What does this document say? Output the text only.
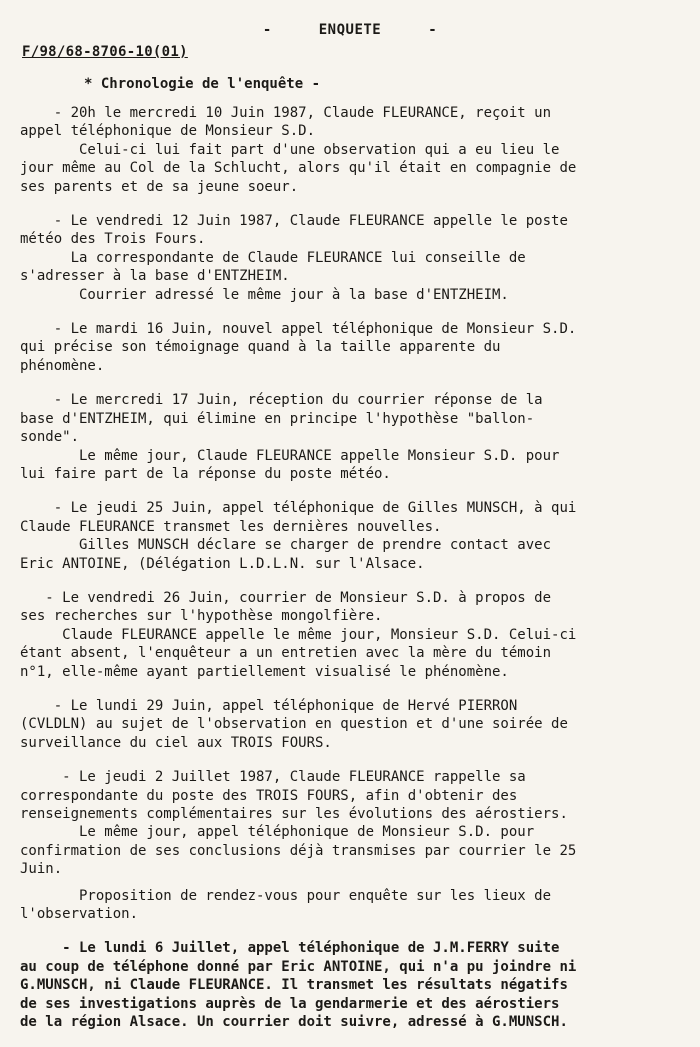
-	ENQUETE	-
F/98/68-8706-10(01)
* Chronologie de l'enquête -

- 20h le mercredi 10 Juin 1987, Claude FLEURANCE, reçoit un

appel téléphonique de Monsieur S.D.

Celui-ci lui fait part d'une observation qui a eu lieu le

jour même au Col de la Schlucht, alors qu'il était en compagnie de

ses parents et de sa jeune soeur.

- Le vendredi 12 Juin 1987, Claude FLEURANCE appelle le poste

météo des Trois Fours.

La correspondante de Claude FLEURANCE lui conseille de

s'adresser à la base d'ENTZHEIM.

Courrier adressé le même jour à la base d'ENTZHEIM.

- Le mardi 16 Juin, nouvel appel téléphonique de Monsieur S.D.

qui précise son témoignage quand à la taille apparente du

phénomène.

- Le mercredi 17 Juin, réception du courrier réponse de la

base d'ENTZHEIM, qui élimine en principe l'hypothèse "ballon-

sonde".

Le même jour, Claude FLEURANCE appelle Monsieur S.D. pour

lui faire part de la réponse du poste météo.

- Le jeudi 25 Juin, appel téléphonique de Gilles MUNSCH, à qui

Claude FLEURANCE transmet les dernières nouvelles.

Gilles MUNSCH déclare se charger de prendre contact avec

Eric ANTOINE, (Délégation L.D.L.N. sur l'Alsace.

- Le vendredi 26 Juin, courrier de Monsieur S.D. à propos de

ses recherches sur l'hypothèse mongolfière.

Claude FLEURANCE appelle le même jour, Monsieur S.D. Celui-ci

étant absent, l'enquêteur a un entretien avec la mère du témoin

n°1, elle-même ayant partiellement visualisé le phénomène.

- Le lundi 29 Juin, appel téléphonique de Hervé PIERRON

(CVLDLN) au sujet de l'observation en question et d'une soirée de

surveillance du ciel aux TROIS FOURS.

- Le jeudi 2 Juillet 1987, Claude FLEURANCE rappelle sa

correspondante du poste des TROIS FOURS, afin d'obtenir des

renseignements complémentaires sur les évolutions des aérostiers.

Le même jour, appel téléphonique de Monsieur S.D. pour

confirmation de ses conclusions déjà transmises par courrier le 25

Juin.

Proposition de rendez-vous pour enquête sur les lieux de

l'observation.

- Le lundi 6 Juillet, appel téléphonique de J.M.FERRY suite

au coup de téléphone donné par Eric ANTOINE, qui n'a pu joindre ni

G.MUNSCH, ni Claude FLEURANCE. Il transmet les résultats négatifs

de ses investigations auprès de la gendarmerie et des aérostiers

de la région Alsace. Un courrier doit suivre, adressé à G.MUNSCH.
